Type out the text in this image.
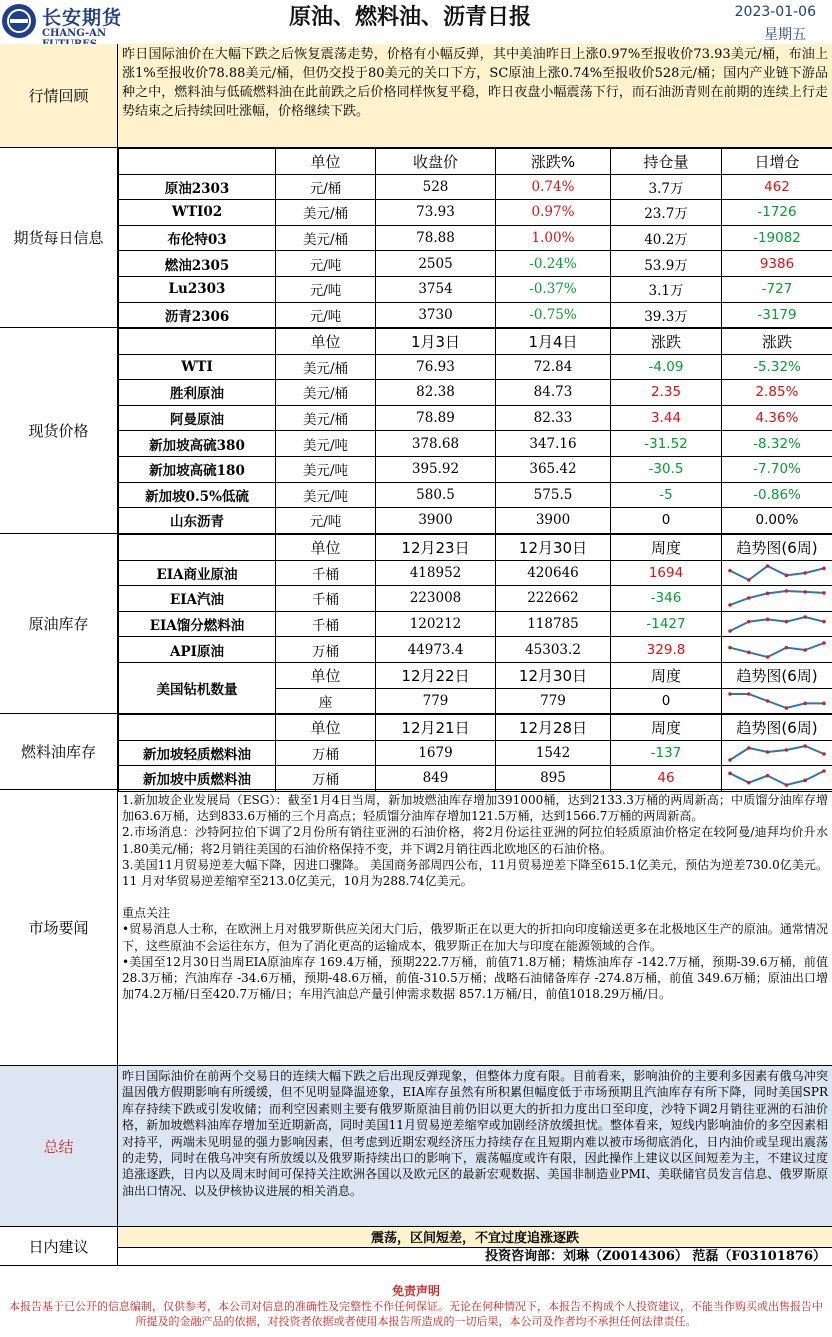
长安期货
CHANG-AN
原油、燃料油、沥青日报	2023-01-06
星期五
行情回顾
昨日国际油价在大幅下跌之后恢复震荡走势，价格有小幅反弹，其中美油昨日上涨0.97%至报收价73.93美元/桶，布油上涨1%至报收价78.88美元/桶，但仍交投于80美元的关口下方，SC原油上涨0.74%至报收价528元/桶；国内产业链下游品种之中，燃料油与低硫燃料油在此前跌之后价格同样恢复平稳，昨日夜盘小幅震荡下行，而石油沥青则在前期的连续上行走势结束之后持续回吐涨幅，价格继续下跌。
期货每日信息
	单位	收盘价	涨跌%	持仓量	日增仓
原油2303	元/桶	528	0.74%	3.7万	462
WTI02	美元/桶	73.93	0.97%	23.7万	-1726
布伦特03	美元/桶	78.88	1.00%	40.2万	-19082
燃油2305	元/吨	2505	-0.24%	53.9万	9386
Lu2303	元/吨	3754	-0.37%	3.1万	-727
沥青2306	元/吨	3730	-0.75%	39.3万	-3179
现货价格
	单位	1月3日	1月4日	涨跌	涨跌
WTI	美元/桶	76.93	72.84	-4.09	-5.32%
胜利原油	美元/桶	82.38	84.73	2.35	2.85%
阿曼原油	美元/桶	78.89	82.33	3.44	4.36%
新加坡高硫380	美元/吨	378.68	347.16	-31.52	-8.32%
新加坡高硫180	美元/吨	395.92	365.42	-30.5	-7.70%
新加坡0.5%低硫	美元/吨	580.5	575.5	-5	-0.86%
山东沥青	元/吨	3900	3900	0	0.00%
原油库存
	单位	12月23日	12月30日	周度	趋势图(6周)
EIA商业原油	千桶	418952	420646	1694	

EIA汽油	千桶	223008	222662	-346	

EIA馏分燃料油	千桶	120212	118785	-1427	

API原油	万桶	44973.4	45303.2	329.8	

美国钻机数量	单位	12月22日	12月30日	周度	趋势图(6周)
	座	779	779	0	
燃料油库存
	单位	12月21日	12月28日	周度	趋势图(6周)
新加坡轻质燃料油	万桶	1679	1542	-137	

新加坡中质燃料油	万桶	849	895	46	
市场要闻
1.新加坡企业发展局（ESG）：截至1月4日当周，新加坡燃油库存增加391000桶，达到2133.3万桶的两周新高；中质馏分油库存增加63.6万桶，达到833.6万桶的三个月高点；轻质馏分油库存增加121.5万桶，达到1566.7万桶的两周新高。
2.市场消息：沙特阿拉伯下调了2月份所有销往亚洲的石油价格，将2月份运往亚洲的阿拉伯轻质原油价格定在较阿曼/迪拜均价升水1.80美元/桶；将2月销往美国的石油价格保持不变，并下调2月销往西北欧地区的石油价格。
3.美国11月贸易逆差大幅下降，因进口骤降。 美国商务部周四公布，11月贸易逆差下降至615.1亿美元，预估为逆差730.0亿美元。11 月对华贸易逆差缩窄至213.0亿美元，10月为288.74亿美元。
重点关注
•贸易消息人士称，在欧洲上月对俄罗斯供应关闭大门后，俄罗斯正在以更大的折扣向印度输送更多在北极地区生产的原油。通常情况下，这些原油不会运往东方，但为了消化更高的运输成本，俄罗斯正在加大与印度在能源领域的合作。
•美国至12月30日当周EIA原油库存 169.4万桶，预期222.7万桶，前值71.8万桶；精炼油库存 -142.7万桶，预期-39.6万桶，前值28.3万桶；汽油库存 -34.6万桶，预期-48.6万桶，前值-310.5万桶；战略石油储备库存 -274.8万桶，前值 349.6万桶；原油出口增加74.2万桶/日至420.7万桶/日；车用汽油总产量引伸需求数据 857.1万桶/日，前值1018.29万桶/日。
总结
昨日国际油价在前两个交易日的连续大幅下跌之后出现反弹现象，但整体力度有限。目前看来，影响油价的主要利多因素有俄乌冲突温因俄方假期影响有所缓缓，但不见明显降温迹象，EIA库存虽然有所积累但幅度低于市场预期且汽油库存有所下降，同时美国SPR库存持续下跌或引发收储；而利空因素则主要有俄罗斯原油目前仍旧以更大的折扣力度出口至印度，沙特下调2月销往亚洲的石油价格，新加坡燃料油库存增加至近期新高，同时美国11月贸易逆差缩窄或加剧经济放缓担忧。整体看来，短线内影响油价的多空因素相对持平，两端未见明显的强力影响因素，但考虑到近期宏观经济压力持续存在且短期内难以被市场彻底消化，日内油价或呈现出震荡的走势，同时在俄乌冲突有所放缓以及俄罗斯持续出口的影响下，震荡幅度或许有限，因此操作上建议以区间短差为主，不建议过度追涨逐跌，日内以及周末时间可保持关注欧洲各国以及欧元区的最新宏观数据、美国非制造业PMI、美联储官员发言信息、俄罗斯原油出口情况、以及伊核协议进展的相关消息。
日内建议	震荡，区间短差，不宜过度追涨逐跌
投资咨询部：刘琳（Z0014306） 范磊（F03101876）
免责声明
本报告基于已公开的信息编制，仅供参考，本公司对信息的准确性及完整性不作任何保证。无论在何种情况下，本报告不构成个人投资建议，不能当作购买或出售报告中所提及的金融产品的依据，对投资者依据或者使用本报告所造成的一切后果，本公司及作者均不承担任何法律责任。
